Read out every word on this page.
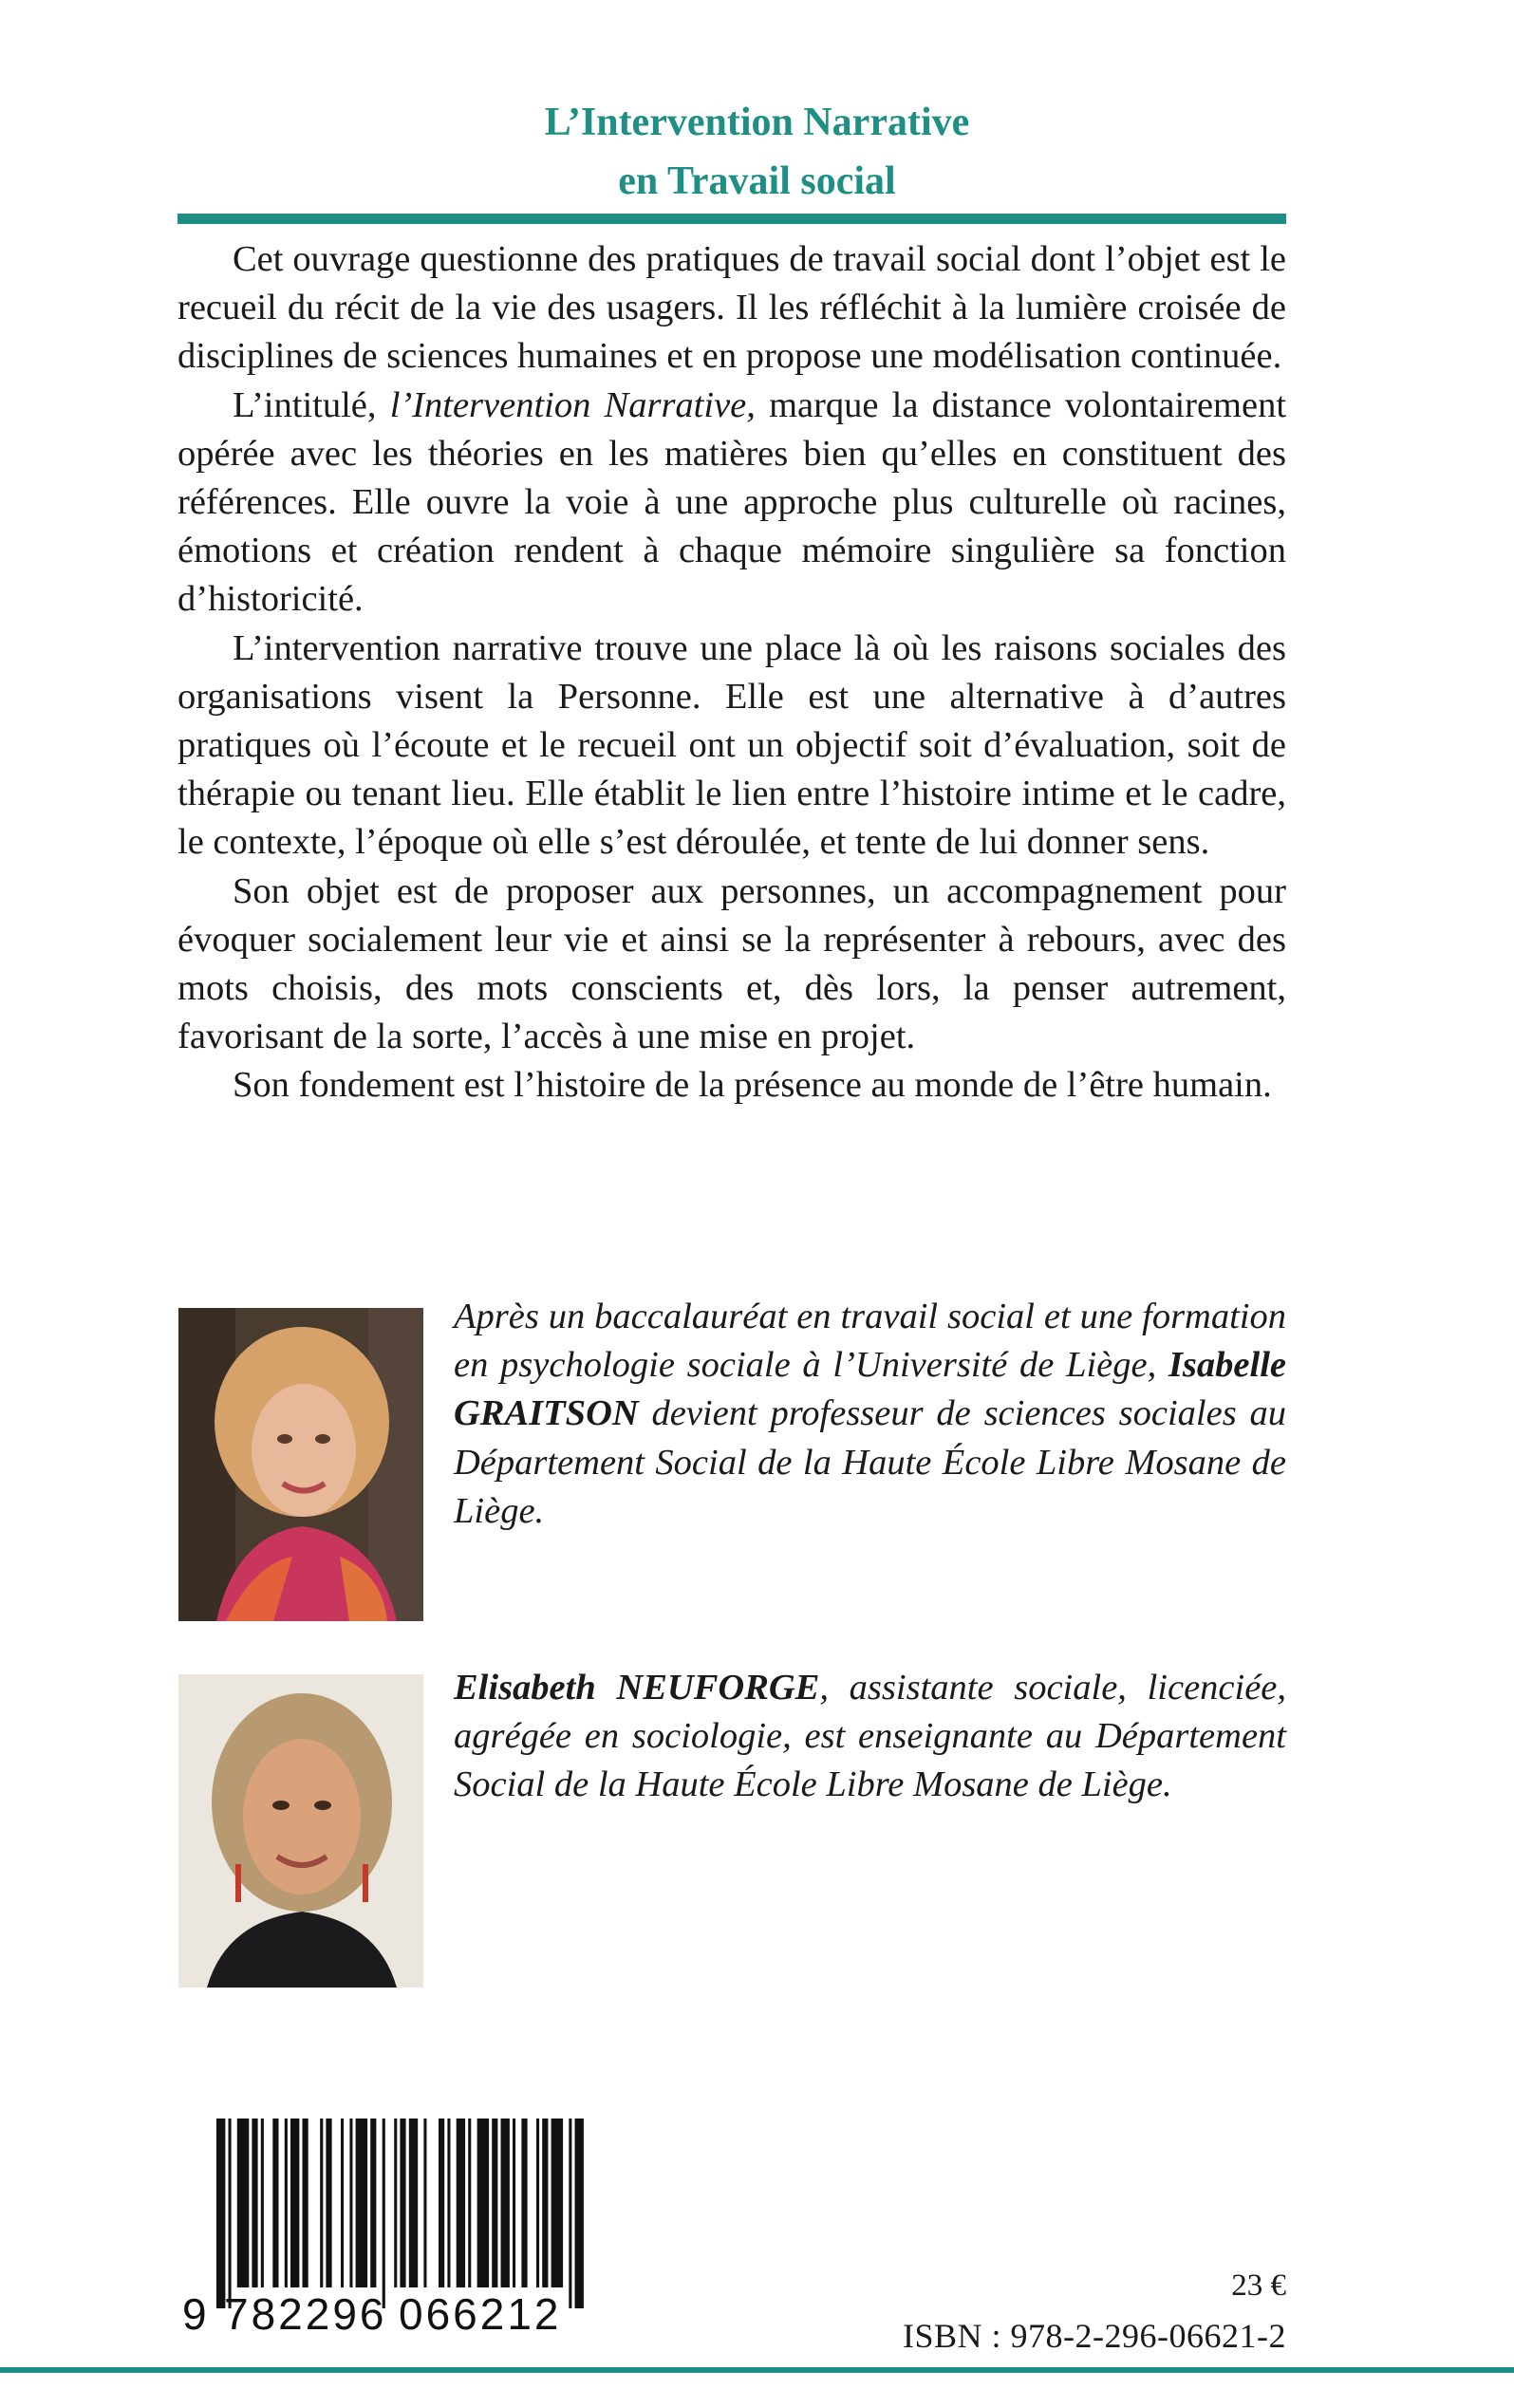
L’Intervention Narrative
en Travail social

Cet ouvrage questionne des pratiques de travail social dont l’objet est le recueil du récit de la vie des usagers. Il les réfléchit à la lumière croisée de disciplines de sciences humaines et en propose une modélisation continuée.

L’intitulé, l’Intervention Narrative, marque la distance volontairement opérée avec les théories en les matières bien qu’elles en constituent des références. Elle ouvre la voie à une approche plus culturelle où racines, émotions et création rendent à chaque mémoire singulière sa fonction d’historicité.

L’intervention narrative trouve une place là où les raisons sociales des organisations visent la Personne. Elle est une alternative à d’autres pratiques où l’écoute et le recueil ont un objectif soit d’évaluation, soit de thérapie ou tenant lieu. Elle établit le lien entre l’histoire intime et le cadre, le contexte, l’époque où elle s’est déroulée, et tente de lui donner sens.

Son objet est de proposer aux personnes, un accompagnement pour évoquer socialement leur vie et ainsi se la représenter à rebours, avec des mots choisis, des mots conscients et, dès lors, la penser autrement, favorisant de la sorte, l’accès à une mise en projet.

Son fondement est l’histoire de la présence au monde de l’être humain.

Après un baccalauréat en travail social et une formation en psychologie sociale à l’Université de Liège, Isabelle GRAITSON devient professeur de sciences sociales au Département Social de la Haute École Libre Mosane de Liège.
Elisabeth NEUFORGE, assistante sociale, licenciée, agrégée en sociologie, est enseignante au Département Social de la Haute École Libre Mosane de Liège.
9 782296 066212
23 €
ISBN : 978-2-296-06621-2
